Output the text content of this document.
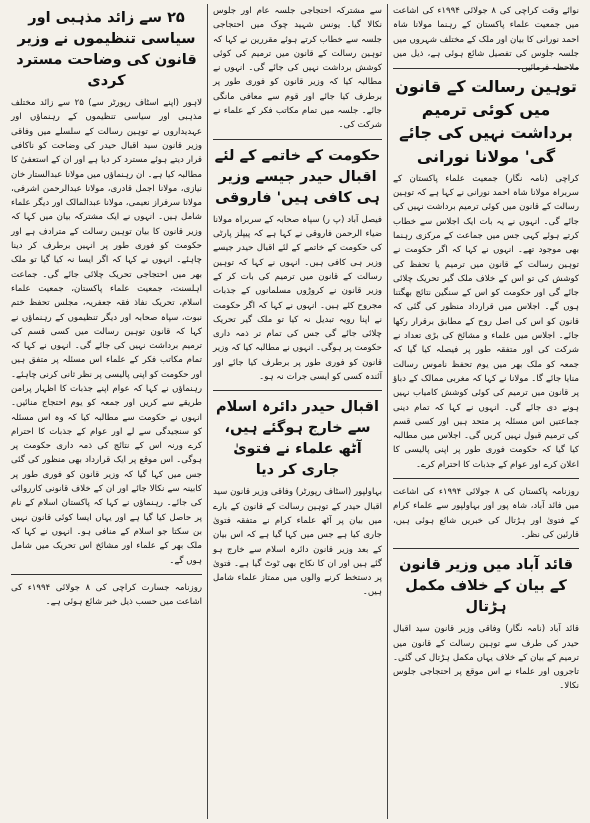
نوائے وقت کراچی کی ۸ جولائی ۱۹۹۴ء کی اشاعت میں جمعیت علماء پاکستان کے رہنما مولانا شاہ احمد نورانی کا بیان اور ملک کے مختلف شہروں میں جلسہ جلوس کی تفصیل شائع ہوئی ہے، ذیل میں ملاحظہ فرمائیں۔

توہین رسالت کے قانون میں کوئی ترمیم برداشت نہیں کی جائے گی' مولانا نورانی

کراچی (نامہ نگار) جمعیت علماء پاکستان کے سربراہ مولانا شاہ احمد نورانی نے کہا ہے کہ توہین رسالت کے قانون میں کوئی ترمیم برداشت نہیں کی جائے گی۔ انہوں نے یہ بات ایک اجلاس سے خطاب کرتے ہوئے کہی جس میں جماعت کے مرکزی رہنما بھی موجود تھے۔ انہوں نے کہا کہ اگر حکومت نے توہین رسالت کے قانون میں ترمیم یا تحفظ کی کوشش کی تو اس کے خلاف ملک گیر تحریک چلائی جائے گی اور حکومت کو اس کے سنگین نتائج بھگتنا ہوں گے۔ اجلاس میں قرارداد منظور کی گئی کہ قانون کو اس کی اصل روح کے مطابق برقرار رکھا جائے۔ اجلاس میں علماء و مشائخ کی بڑی تعداد نے شرکت کی اور متفقہ طور پر فیصلہ کیا گیا کہ جمعہ کو ملک بھر میں یوم تحفظ ناموس رسالت منایا جائے گا۔ مولانا نے کہا کہ مغربی ممالک کے دباؤ پر قانون میں ترمیم کی کوئی کوشش کامیاب نہیں ہونے دی جائے گی۔ انہوں نے کہا کہ تمام دینی جماعتیں اس مسئلہ پر متحد ہیں اور کسی قسم کی ترمیم قبول نہیں کریں گی۔ اجلاس میں مطالبہ کیا گیا کہ حکومت فوری طور پر اپنی پالیسی کا اعلان کرے اور عوام کے جذبات کا احترام کرے۔

روزنامہ پاکستان کی ۸ جولائی ۱۹۹۴ء کی اشاعت میں فائد آباد، شاہ پور اور بہاولپور سے علماء کرام کے فتویٰ اور ہڑتال کی خبریں شائع ہوئی ہیں، قارئین کی نظر۔

قائد آباد میں وزیر قانون کے بیان کے خلاف مکمل ہڑتال

قائد آباد (نامہ نگار) وفاقی وزیر قانون سید اقبال حیدر کی طرف سے توہین رسالت کے قانون میں ترمیم کے بیان کے خلاف یہاں مکمل ہڑتال کی گئی۔ تاجروں اور علماء نے اس موقع پر احتجاجی جلوس نکالا۔

سے مشترکہ احتجاجی جلسہ عام اور جلوس نکالا گیا۔ یونس شہید چوک میں احتجاجی جلسہ سے خطاب کرتے ہوئے مقررین نے کہا کہ توہین رسالت کے قانون میں ترمیم کی کوئی کوشش برداشت نہیں کی جائے گی۔ انہوں نے مطالبہ کیا کہ وزیر قانون کو فوری طور پر برطرف کیا جائے اور قوم سے معافی مانگی جائے۔ جلسہ میں تمام مکاتب فکر کے علماء نے شرکت کی۔

حکومت کے خاتمے کے لئے اقبال حیدر جیسے وزیر ہی کافی ہیں' فاروقی

فیصل آباد (پ ر) سپاہ صحابہ کے سربراہ مولانا ضیاء الرحمن فاروقی نے کہا ہے کہ پیپلز پارٹی کی حکومت کے خاتمے کے لئے اقبال حیدر جیسے وزیر ہی کافی ہیں۔ انہوں نے کہا کہ توہین رسالت کے قانون میں ترمیم کی بات کر کے وزیر قانون نے کروڑوں مسلمانوں کے جذبات مجروح کئے ہیں۔ انہوں نے کہا کہ اگر حکومت نے اپنا رویہ تبدیل نہ کیا تو ملک گیر تحریک چلائی جائے گی جس کی تمام تر ذمہ داری حکومت پر ہوگی۔ انہوں نے مطالبہ کیا کہ وزیر قانون کو فوری طور پر برطرف کیا جائے اور آئندہ کسی کو ایسی جرات نہ ہو۔

اقبال حیدر دائرہ اسلام سے خارج ہوگئے ہیں، آٹھ علماء نے فتویٰ جاری کر دیا

بہاولپور (اسٹاف رپورٹر) وفاقی وزیر قانون سید اقبال حیدر کے توہین رسالت کے قانون کے بارے میں بیان پر آٹھ علماء کرام نے متفقہ فتویٰ جاری کیا ہے جس میں کہا گیا ہے کہ اس بیان کے بعد وزیر قانون دائرہ اسلام سے خارج ہو گئے ہیں اور ان کا نکاح بھی ٹوٹ گیا ہے۔ فتویٰ پر دستخط کرنے والوں میں ممتاز علماء شامل ہیں۔

۲۵ سے زائد مذہبی اور سیاسی تنظیموں نے وزیر قانون کی وضاحت مسترد کردی

لاہور (اپنے اسٹاف رپورٹر سے) ۲۵ سے زائد مختلف مذہبی اور سیاسی تنظیموں کے رہنماؤں اور عہدیداروں نے توہین رسالت کے سلسلے میں وفاقی وزیر قانون سید اقبال حیدر کی وضاحت کو ناکافی قرار دیتے ہوئے مسترد کر دیا ہے اور ان کے استعفیٰ کا مطالبہ کیا ہے۔ ان رہنماؤں میں مولانا عبدالستار خان نیازی، مولانا اجمل قادری، مولانا عبدالرحمن اشرفی، مولانا سرفراز نعیمی، مولانا عبدالمالک اور دیگر علماء شامل ہیں۔ انہوں نے ایک مشترکہ بیان میں کہا کہ وزیر قانون کا بیان توہین رسالت کے مترادف ہے اور حکومت کو فوری طور پر انہیں برطرف کر دینا چاہئے۔ انہوں نے کہا کہ اگر ایسا نہ کیا گیا تو ملک بھر میں احتجاجی تحریک چلائی جائے گی۔ جماعت اہلسنت، جمعیت علماء پاکستان، جمعیت علماء اسلام، تحریک نفاذ فقہ جعفریہ، مجلس تحفظ ختم نبوت، سپاہ صحابہ اور دیگر تنظیموں کے رہنماؤں نے کہا کہ قانون توہین رسالت میں کسی قسم کی ترمیم برداشت نہیں کی جائے گی۔ انہوں نے کہا کہ تمام مکاتب فکر کے علماء اس مسئلہ پر متفق ہیں اور حکومت کو اپنی پالیسی پر نظر ثانی کرنی چاہئے۔ رہنماؤں نے کہا کہ عوام اپنے جذبات کا اظہار پرامن طریقے سے کریں اور جمعہ کو یوم احتجاج منائیں۔ انہوں نے حکومت سے مطالبہ کیا کہ وہ اس مسئلہ کو سنجیدگی سے لے اور عوام کے جذبات کا احترام کرے ورنہ اس کے نتائج کی ذمہ داری حکومت پر ہوگی۔ اس موقع پر ایک قرارداد بھی منظور کی گئی جس میں کہا گیا کہ وزیر قانون کو فوری طور پر کابینہ سے نکالا جائے اور ان کے خلاف قانونی کارروائی کی جائے۔ رہنماؤں نے کہا کہ پاکستان اسلام کے نام پر حاصل کیا گیا ہے اور یہاں ایسا کوئی قانون نہیں بن سکتا جو اسلام کے منافی ہو۔ انہوں نے کہا کہ ملک بھر کے علماء اور مشائخ اس تحریک میں شامل ہوں گے۔

روزنامہ جسارت کراچی کی ۸ جولائی ۱۹۹۴ء کی اشاعت میں حسب ذیل خبر شائع ہوئی ہے۔
